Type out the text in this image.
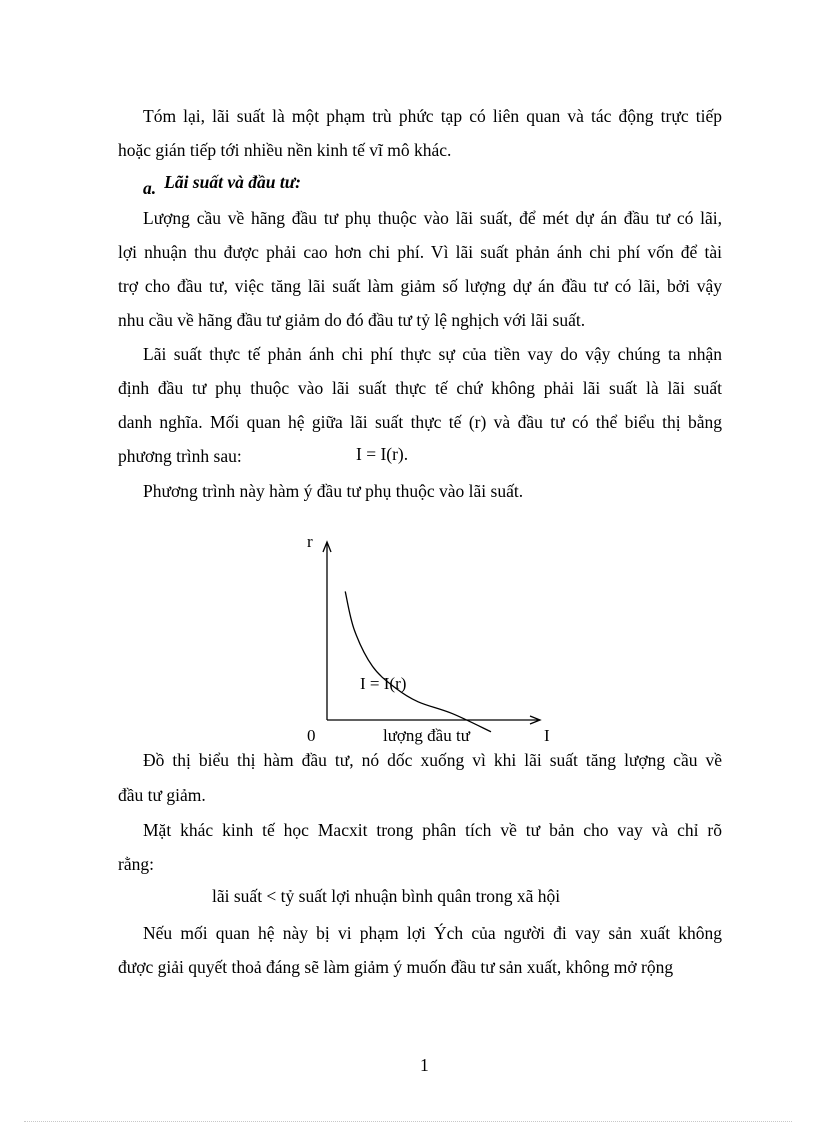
Tóm lại, lãi suất là một phạm trù phức tạp có liên quan và tác động trực tiếp
hoặc gián tiếp tới nhiều nền kinh tế vĩ mô khác.
a. Lãi suất và đầu tư:
Lượng cầu về hãng đầu tư phụ thuộc vào lãi suất, để mét dự án đầu tư có lãi,
lợi nhuận thu được phải cao hơn chi phí. Vì lãi suất phản ánh chi phí vốn để tài
trợ cho đầu tư, việc tăng lãi suất làm giảm số lượng dự án đầu tư có lãi, bởi vậy
nhu cầu về hãng đầu tư giảm do đó đầu tư tỷ lệ nghịch với lãi suất.
Lãi suất thực tế phản ánh chi phí thực sự của tiền vay do vậy chúng ta nhận
định đầu tư phụ thuộc vào lãi suất thực tế chứ không phải lãi suất là lãi suất
danh nghĩa. Mối quan hệ giữa lãi suất thực tế (r) và đầu tư có thể biểu thị bằng
phương trình sau:	I = I(r).
Phương trình này hàm ý đầu tư phụ thuộc vào lãi suất.
r
I
0	lượng đầu tư
I = I(r)
Đồ thị biểu thị hàm đầu tư, nó dốc xuống vì khi lãi suất tăng lượng cầu về
đầu tư giảm.
Mặt khác kinh tế học Macxit trong phân tích về tư bản cho vay và chỉ rõ
rằng:
lãi suất < tỷ suất lợi nhuận bình quân trong xã hội
Nếu mối quan hệ này bị vi phạm lợi Ých của người đi vay sản xuất không
được giải quyết thoả đáng sẽ làm giảm ý muốn đầu tư sản xuất, không mở rộng
1
